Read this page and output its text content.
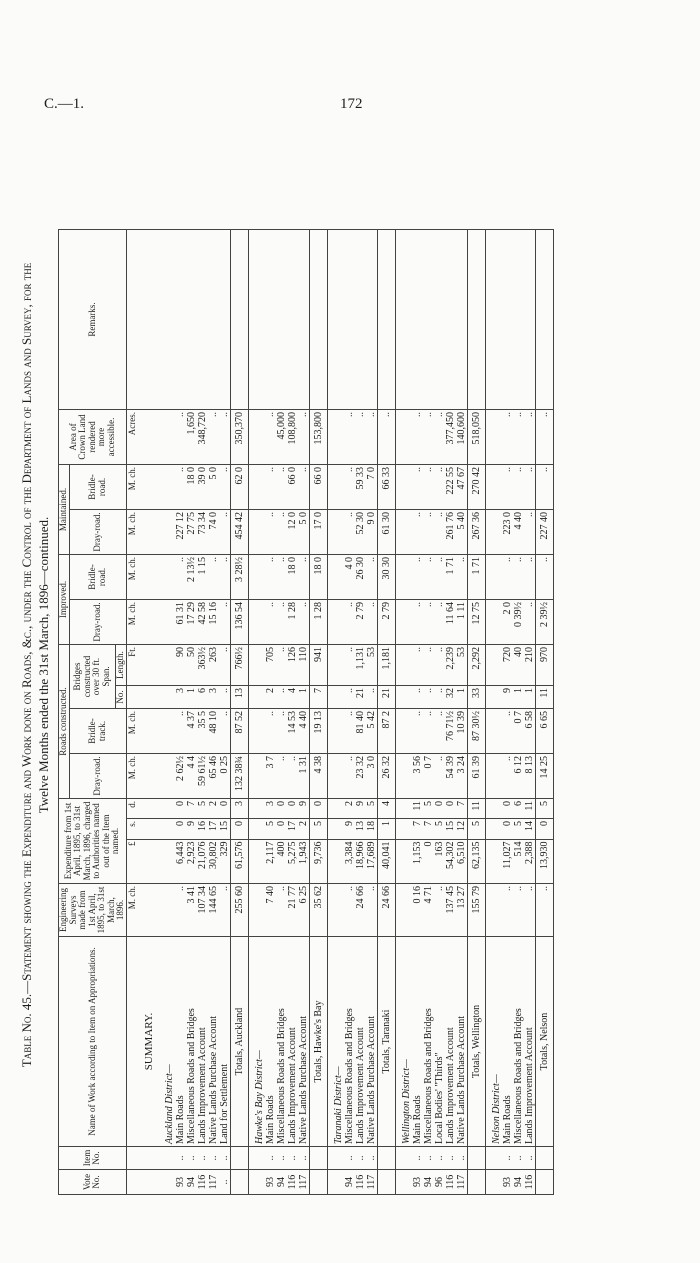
C.—1.	172
Table No. 45.—Statement showing the Expenditure and Work done on Roads, &c., under the Control of the Department of Lands and Survey, for the Twelve Months ended the 31st March, 1896—continued.
Vote No.	Item No.	Name of Work according to Item on Appropriations.	Engineering Surveys made from 1st April, 1895, to 31st March, 1896.	Expenditure from 1st April, 1895, to 31st March, 1896, charged to Authorities named out of the Item named.			Roads constructed.				Improved.		Maintained.		Area of Crown Land rendered more accessible.	Remarks.
							Dray-road.	Bridle-track.	Bridges constructed over 30 ft. Span.		Dray-road.	Bridle-road.	Dray-road.	Bridle-road.		
									No.	Length.						
			M. ch.	£	s.	d.	M. ch.	M. ch.		Ft.	M. ch.	M. ch.	M. ch.	M. ch.	Acres.	
		SUMMARY.														
		Auckland District—														
93	..	Main Roads	..	6,443	0	0	2 62½	..	3	90	61 31	..	227 12	..	..	
94	..	Miscellaneous Roads and Bridges	3 41	2,923	9	7	4 4	4 37	1	50	17 29	2 13½	27 75	18 0	1,650	
116	..	Lands Improvement Account	107 34	21,076	16	5	59 61½	35 5	6	363½	42 58	1 15	73 34	39 0	348,720	
117	..	Native Lands Purchase Account	144 65	30,802	17	2	65 46	48 10	3	263	15 16	..	74 0	5 0	..	
..	..	Land for Settlement	..	329	15	0	0 25	..	..	..	..	..	..	..	..	
		Totals, Auckland	255 60	61,576	0	3	132 38¾	87 52	13	766½	136 54	3 28½	454 42	62 0	350,370	
		Hawke's Bay District—														
93	..	Main Roads	7 40	2,117	5	3	3 7	..	2	705	..	..	..	..	..	
94	..	Miscellaneous Roads and Bridges	..	400	0	0	..	..	..	..	..	..	..	..	45,000	
116	..	Lands Improvement Account	21 77	5,275	17	0	..	14 53	4	126	1 28	18 0	12 0	66 0	108,800	
117	..	Native Lands Purchase Account	6 25	1,943	2	9	1 31	4 40	1	110	..	..	5 0	..	..	
		Totals, Hawke's Bay	35 62	9,736	5	0	4 38	19 13	7	941	1 28	18 0	17 0	66 0	153,800	
		Taranaki District—														
94	..	Miscellaneous Roads and Bridges	..	3,384	9	2	..	..	..	..	..	4 0	..	..	..	
116	..	Lands Improvement Account	24 66	18,966	13	9	23 32	81 40	21	1,131	2 79	26 30	52 30	59 33	..	
117	..	Native Lands Purchase Account	..	17,689	18	5	3 0	5 42	..	53	..	..	9 0	7 0	..	
		Totals, Taranaki	24 66	40,041	1	4	26 32	87 2	21	1,181	2 79	30 30	61 30	66 33	..	
		Wellington District—														
93	..	Main Roads	0 16	1,153	7	11	3 56	..	..	..	..	..	..	..	..	
94	..	Miscellaneous Roads and Bridges	4 71	0	7	5	0 7	..	..	..	..	..	..	..	..	
96	..	Local Bodies' "Thirds"	..	163	5	0	..	..	..	..	..	..	..	..	..	
116	..	Lands Improvement Account	137 45	54,302	15	0	54 39	76 71½	32	2,239	11 64	1 71	261 76	222 55	377,450	
117	..	Native Lands Purchase Account	13 27	6,510	12	7	3 24	10 39	1	53	1 11	..	5 40	47 67	140,600	
		Totals, Wellington	155 79	62,135	5	11	61 39	87 30½	33	2,292	12 75	1 71	267 36	270 42	518,050	
		Nelson District—														
93	..	Main Roads	..	11,027	0	0	..	..	9	720	2 0	..	223 0	..	..	
94	..	Miscellaneous Roads and Bridges	..	514	5	6	6 12	0 7	1	40	0 39½	..	4 40	..	..	
116	..	Lands Improvement Account	..	2,388	14	11	8 13	6 58	1	210	..	..	..	..	..	
		Totals, Nelson	..	13,930	0	5	14 25	6 65	11	970	2 39½	..	227 40	..	..	
